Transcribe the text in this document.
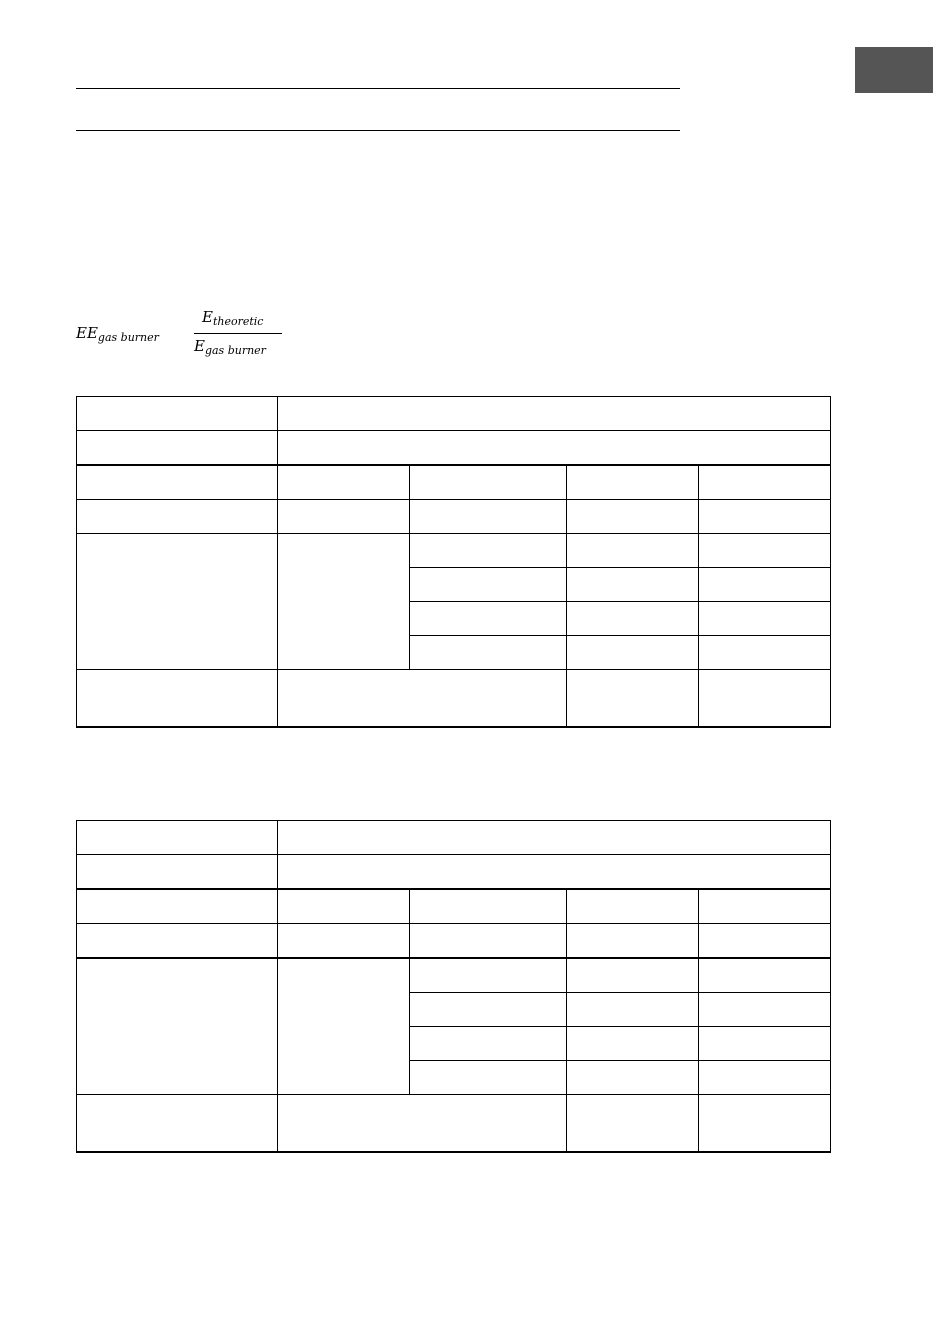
$EE_{gas burner}$
$E_{theoretic}$
$E_{gas burner}$
